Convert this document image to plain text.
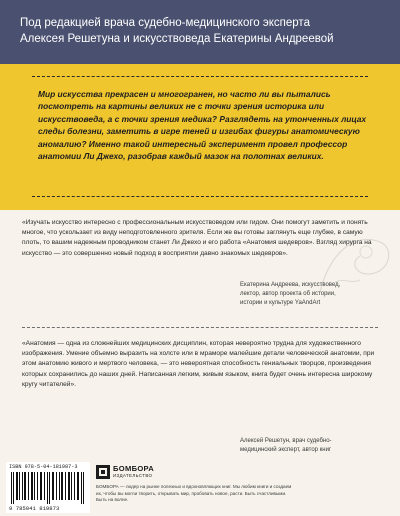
Под редакцией врача судебно-медицинского эксперта
Алексея Решетуна и искусствоведа Екатерины Андреевой
Мир искусства прекрасен и многогранен, но часто ли вы пытались посмотреть на картины великих не с точки зрения историка или искусствоведа, а с точки зрения медика? Разглядеть на утонченных лицах следы болезни, заметить в игре теней и изгибах фигуры анатомическую аномалию? Именно такой интересный эксперимент провел профессор анатомии Ли Джехо, разобрав каждый мазок на полотнах великих.
«Изучать искусство интересно с профессиональным искусствоведом или гидом. Они помогут заметить и понять многое, что ускользает из виду неподготовленного зрителя. Если же вы готовы заглянуть еще глубже, в самую плоть, то вашим надежным проводником станет Ли Джехо и его работа «Анатомия шедевров». Взгляд хирурга на искусство — это совершенно новый подход в восприятии давно знакомых шедевров».
Екатерина Андреева, искусствовед,
лектор, автор проекта об истории,
истории и культуре YaAndArt
«Анатомия — одна из сложнейших медицинских дисциплин, которая невероятно трудна для художественного изображения. Умение объемно выразить на холсте или в мраморе малейшие детали человеческой анатомии, при этом анатомию живого и мертвого человека, — это невероятная способность гениальных творцов, произведения которых сохранились до наших дней. Написанная легким, живым языком, книга будет очень интересна широкому кругу читателей».
Алексей Решетун, врач судебно-
медицинский эксперт, автор книг
ISBN 978-5-04-181987-3
9 785041 819873
БОМБОРА
ИЗДАТЕЛЬСТВО
БОМБОРА — лидер на рынке полезных и вдохновляющих книг. Мы любим книги и создаем их, чтобы вы могли творить, открывать мир, пробовать новое, расти. Быть счастливыми. Быть на волне.
